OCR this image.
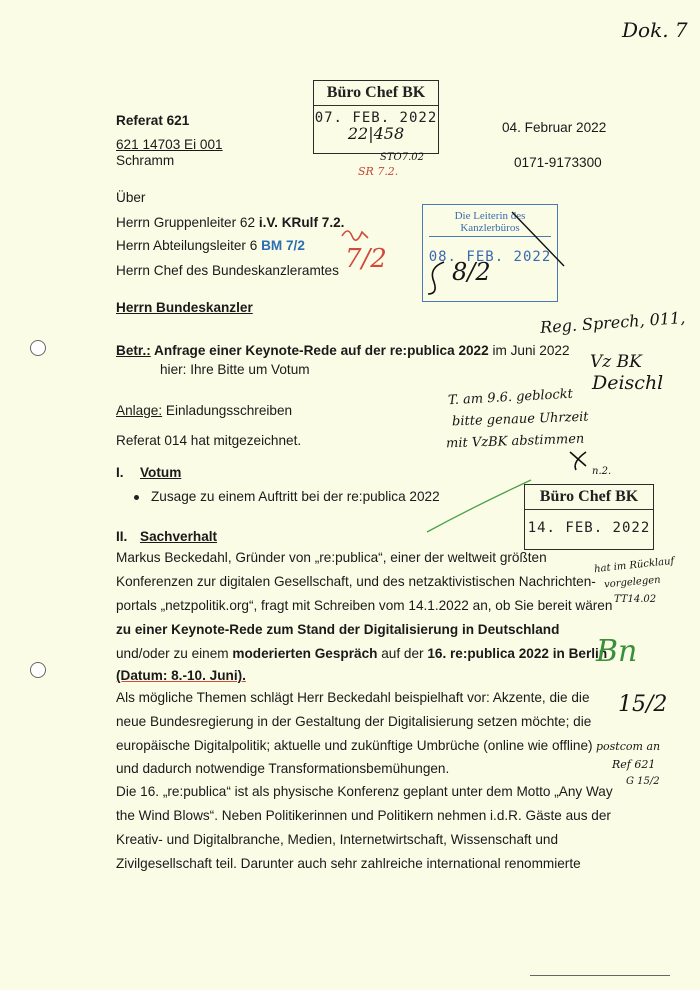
Dok. 7
Referat 621
621 14703 Ei 001
Schramm
04. Februar 2022
0171-9173300
Büro Chef BK
07. FEB. 2022
22|458
STO7.02
SR 7.2.
Über
Herrn Gruppenleiter 62 i.V. KRulf 7.2.
Herrn Abteilungsleiter 6 BM 7/2
Herrn Chef des Bundeskanzleramtes 7/2
Die Leiterin des
Kanzlerbüros
08. FEB. 2022
8/2
Herrn Bundeskanzler
Reg. Sprech, 011,
Vz BK
Deischl
Betr.: Anfrage einer Keynote-Rede auf der re:publica 2022 im Juni 2022
hier: Ihre Bitte um Votum
T. am 9.6. geblockt
bitte genaue Uhrzeit
mit VzBK abstimmen
n.2.
Anlage: Einladungsschreiben
Referat 014 hat mitgezeichnet.
I. Votum
Zusage zu einem Auftritt bei der re:publica 2022	Büro Chef BK
14. FEB. 2022
II. Sachverhalt
Markus Beckedahl, Gründer von „re:publica“, einer der weltweit größten
Konferenzen zur digitalen Gesellschaft, und des netzaktivistischen Nachrichten-
portals „netzpolitik.org“, fragt mit Schreiben vom 14.1.2022 an, ob Sie bereit wären
zu einer Keynote-Rede zum Stand der Digitalisierung in Deutschland
und/oder zu einem moderierten Gespräch auf der 16. re:publica 2022 in Berlin
(Datum: 8.-10. Juni).
Als mögliche Themen schlägt Herr Beckedahl beispielhaft vor: Akzente, die die
neue Bundesregierung in der Gestaltung der Digitalisierung setzen möchte; die
europäische Digitalpolitik; aktuelle und zukünftige Umbrüche (online wie offline)
und dadurch notwendige Transformationsbemühungen.
Die 16. „re:publica“ ist als physische Konferenz geplant unter dem Motto „Any Way
the Wind Blows“. Neben Politikerinnen und Politikern nehmen i.d.R. Gäste aus der
Kreativ- und Digitalbranche, Medien, Internetwirtschaft, Wissenschaft und
Zivilgesellschaft teil. Darunter auch sehr zahlreiche international renommierte
hat im Rücklauf
vorgelegen
TT14.02
Bn
15/2
postcom an
Ref 621
G 15/2
